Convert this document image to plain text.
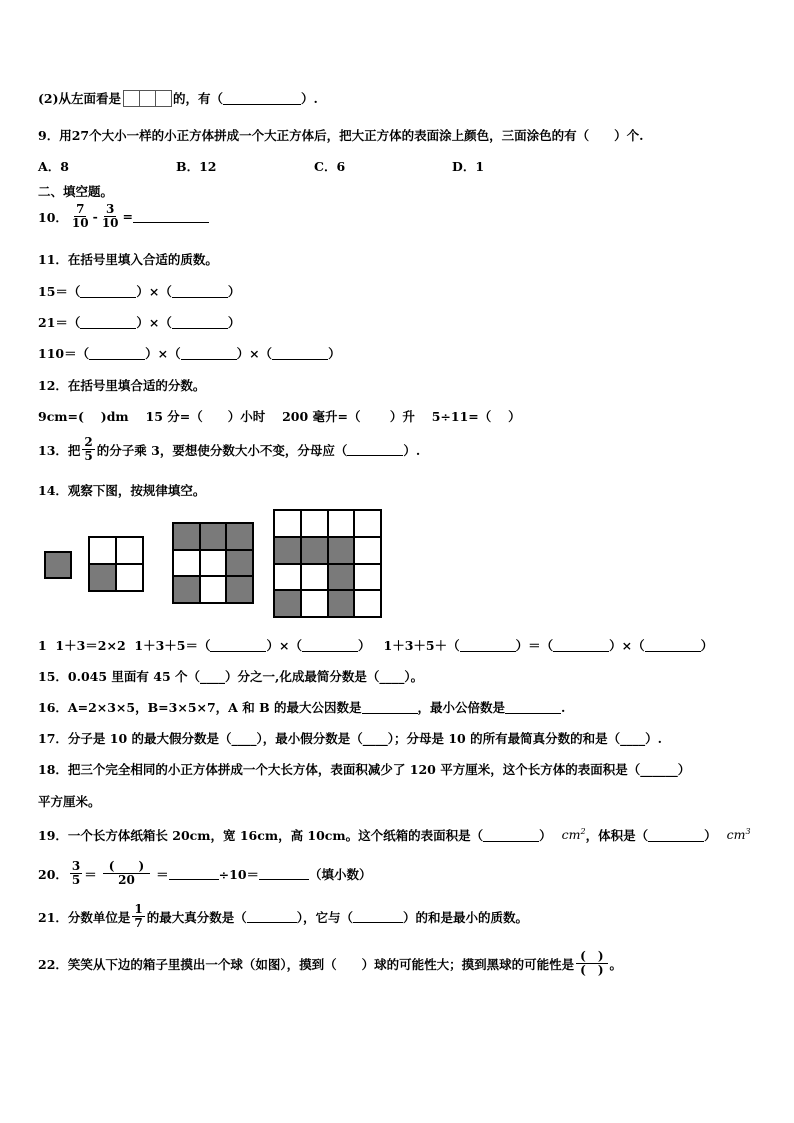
(2)从左面看是	的，有（	）.
9．用27个大小一样的小正方体拼成一个大正方体后，把大正方体的表面涂上颜色，三面涂色的有（　　）个.
A．8	B．12	C．6	D．1
二、填空题。
10． $\frac{7}{10} - \frac{3}{10}$ =
11．在括号里填入合适的质数。
15＝（	）×（	）
21＝（	）×（	）
110＝（	）×（	）×（	）
12．在括号里填合适的分数。
9cm=(　 )dm　 15 分=（　　）小时　 200 毫升=（　　 ）升　 5÷11=（　 ）
13．把 $\frac{2}{5}$ 的分子乘 3，要想使分数大小不变，分母应（	）.
14．观察下图，按规律填空。
1  1＋3＝2×2  1＋3＋5＝（	）×（	）   1＋3＋5＋（	）＝（	）×（	）
15．0.045 里面有 45 个（____）分之一,化成最简分数是（____）。
16．A=2×3×5，B=3×5×7，A 和 B 的最大公因数是	，最小公倍数是	.
17．分子是 10 的最大假分数是（____），最小假分数是（____）；分母是 10 的所有最简真分数的和是（____）.
18．把三个完全相同的小正方体拼成一个大长方体，表面积减少了 120 平方厘米，这个长方体的表面积是（______）
平方厘米。
19．一个长方体纸箱长 20cm，宽 16cm，高 10cm。这个纸箱的表面积是（	） $cm^2$ ，体积是（	） $cm^3$
20． $\frac{3}{5} = \frac{( )}{20}$ ＝	÷10＝	（填小数）
21．分数单位是 $\frac{1}{7}$ 的最大真分数是（	），它与（	）的和是最小的质数。
22．笑笑从下边的箱子里摸出一个球（如图），摸到（　　）球的可能性大；摸到黑球的可能性是 $\frac{( )}{( )}$ 。
